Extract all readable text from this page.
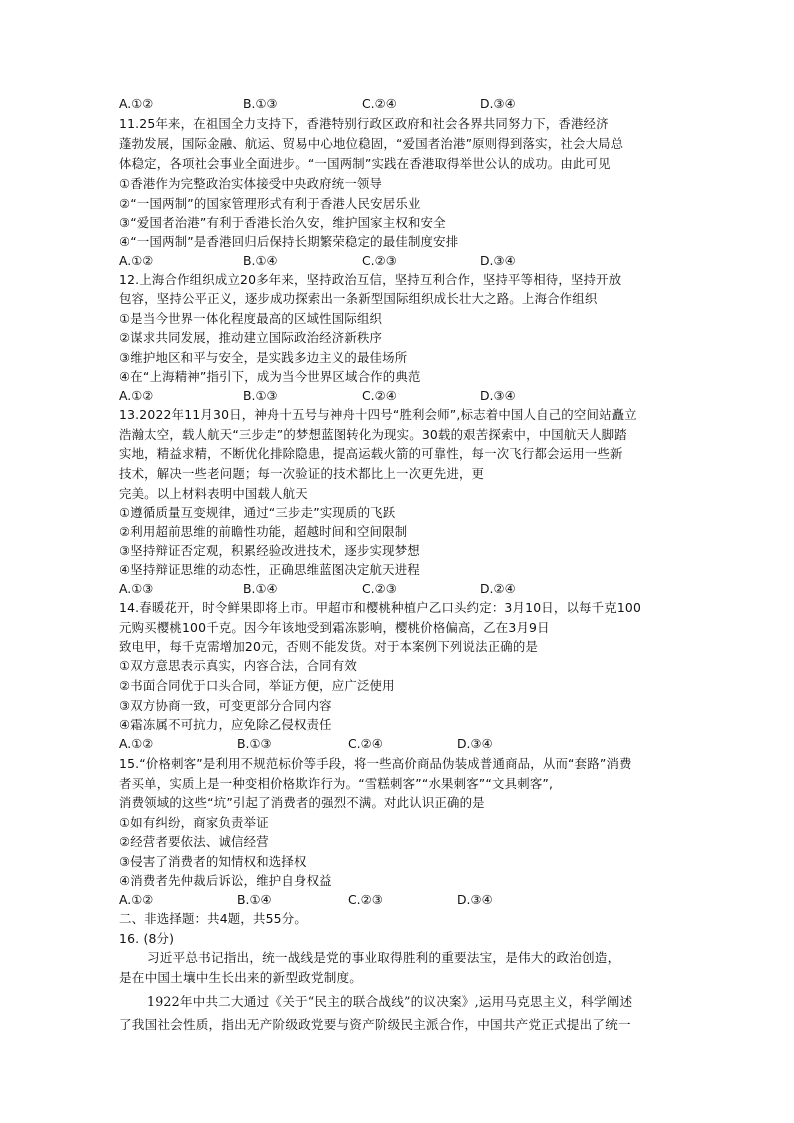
A.①②	B.①③	C.②④	D.③④
11.25年来，在祖国全力支持下，香港特别行政区政府和社会各界共同努力下，香港经济
蓬勃发展，国际金融、航运、贸易中心地位稳固，“爱国者治港”原则得到落实，社会大局总
体稳定，各项社会事业全面进步。“一国两制”实践在香港取得举世公认的成功。由此可见
①香港作为完整政治实体接受中央政府统一领导
②“一国两制”的国家管理形式有利于香港人民安居乐业
③“爱国者治港”有利于香港长治久安，维护国家主权和安全
④“一国两制”是香港回归后保持长期繁荣稳定的最佳制度安排
A.①②	B.①④	C.②③	D.③④
12.上海合作组织成立20多年来，坚持政治互信，坚持互利合作，坚持平等相待，坚持开放
包容，坚持公平正义，逐步成功探索出一条新型国际组织成长壮大之路。上海合作组织
①是当今世界一体化程度最高的区域性国际组织
②谋求共同发展，推动建立国际政治经济新秩序
③维护地区和平与安全，是实践多边主义的最佳场所
④在“上海精神”指引下，成为当今世界区域合作的典范
A.①②	B.①③	C.②④	D.③④
13.2022年11月30日，神舟十五号与神舟十四号“胜利会师”,标志着中国人自己的空间站矗立
浩瀚太空，载人航天“三步走”的梦想蓝图转化为现实。30载的艰苦探索中，中国航天人脚踏
实地，精益求精，不断优化排除隐患，提高运载火箭的可靠性，每一次飞行都会运用一些新
技术，解决一些老问题；每一次验证的技术都比上一次更先进，更
完美。以上材料表明中国载人航天
①遵循质量互变规律，通过“三步走”实现质的飞跃
②利用超前思维的前瞻性功能，超越时间和空间限制
③坚持辩证否定观，积累经验改进技术，逐步实现梦想
④坚持辩证思维的动态性，正确思维蓝图决定航天进程
A.①③	B.①④	C.②③	D.②④
14.春暖花开，时令鲜果即将上市。甲超市和樱桃种植户乙口头约定：3月10日，以每千克100
元购买樱桃100千克。因今年该地受到霜冻影响，樱桃价格偏高，乙在3月9日
致电甲，每千克需增加20元，否则不能发货。对于本案例下列说法正确的是
①双方意思表示真实，内容合法，合同有效
②书面合同优于口头合同，举证方便，应广泛使用
③双方协商一致，可变更部分合同内容
④霜冻属不可抗力，应免除乙侵权责任
A.①②	B.①③	C.②④	D.③④
15.“价格刺客”是利用不规范标价等手段，将一些高价商品伪装成普通商品，从而“套路”消费
者买单，实质上是一种变相价格欺诈行为。“雪糕刺客”“水果刺客”“文具刺客”,
消费领域的这些“坑”引起了消费者的强烈不满。对此认识正确的是
①如有纠纷，商家负责举证
②经营者要依法、诚信经营
③侵害了消费者的知情权和选择权
④消费者先仲裁后诉讼，维护自身权益
A.①②	B.①④	C.②③	D.③④
二、非选择题：共4题，共55分。
16. (8分)
习近平总书记指出，统一战线是党的事业取得胜利的重要法宝，是伟大的政治创造，
是在中国土壤中生长出来的新型政党制度。
1922年中共二大通过《关于“民主的联合战线”的议决案》,运用马克思主义，科学阐述
了我国社会性质，指出无产阶级政党要与资产阶级民主派合作，中国共产党正式提出了统一
